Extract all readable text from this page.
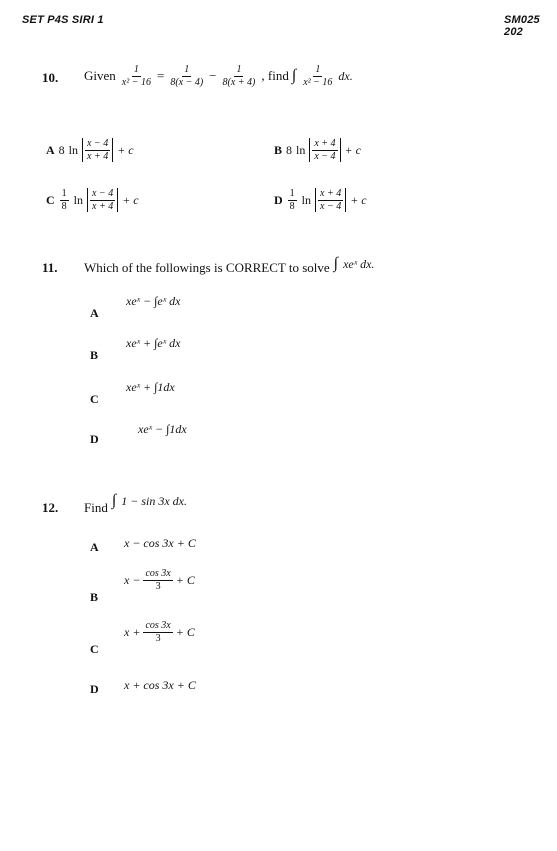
SET P4S SIRI 1	SM025 202
10. Given $\frac{1}{\text{x² − 16}} = \frac{1}{8(x - 4)} - \frac{1}{8(x + 4)}$ , find ∫ $\frac{1}{\text{x² − 16}}$ dx.
A 8 $\ln \frac{x - 4}{x + 4} + c$	B 8 $\ln \frac{x + 4}{x - 4} + c$
C $\frac{1}{8}$ $\ln \frac{x - 4}{x + 4} + c$	D $\frac{1}{8}$ $\ln \frac{x + 4}{x - 4} + c$
11. Which of the followings is CORRECT to solve ∫ xeˣ dx.
A
xeˣ − ∫eˣ dx
B
xeˣ + ∫eˣ dx
C
xeˣ + ∫1dx
D
xeˣ − ∫1dx
12. Find ∫ 1 − sin 3x dx.
A x − cos 3x + C
B
$x - \frac{\cos 3x}{3} + C$
C
$x + \frac{\cos 3x}{3} + C$
D x + cos 3x + C
